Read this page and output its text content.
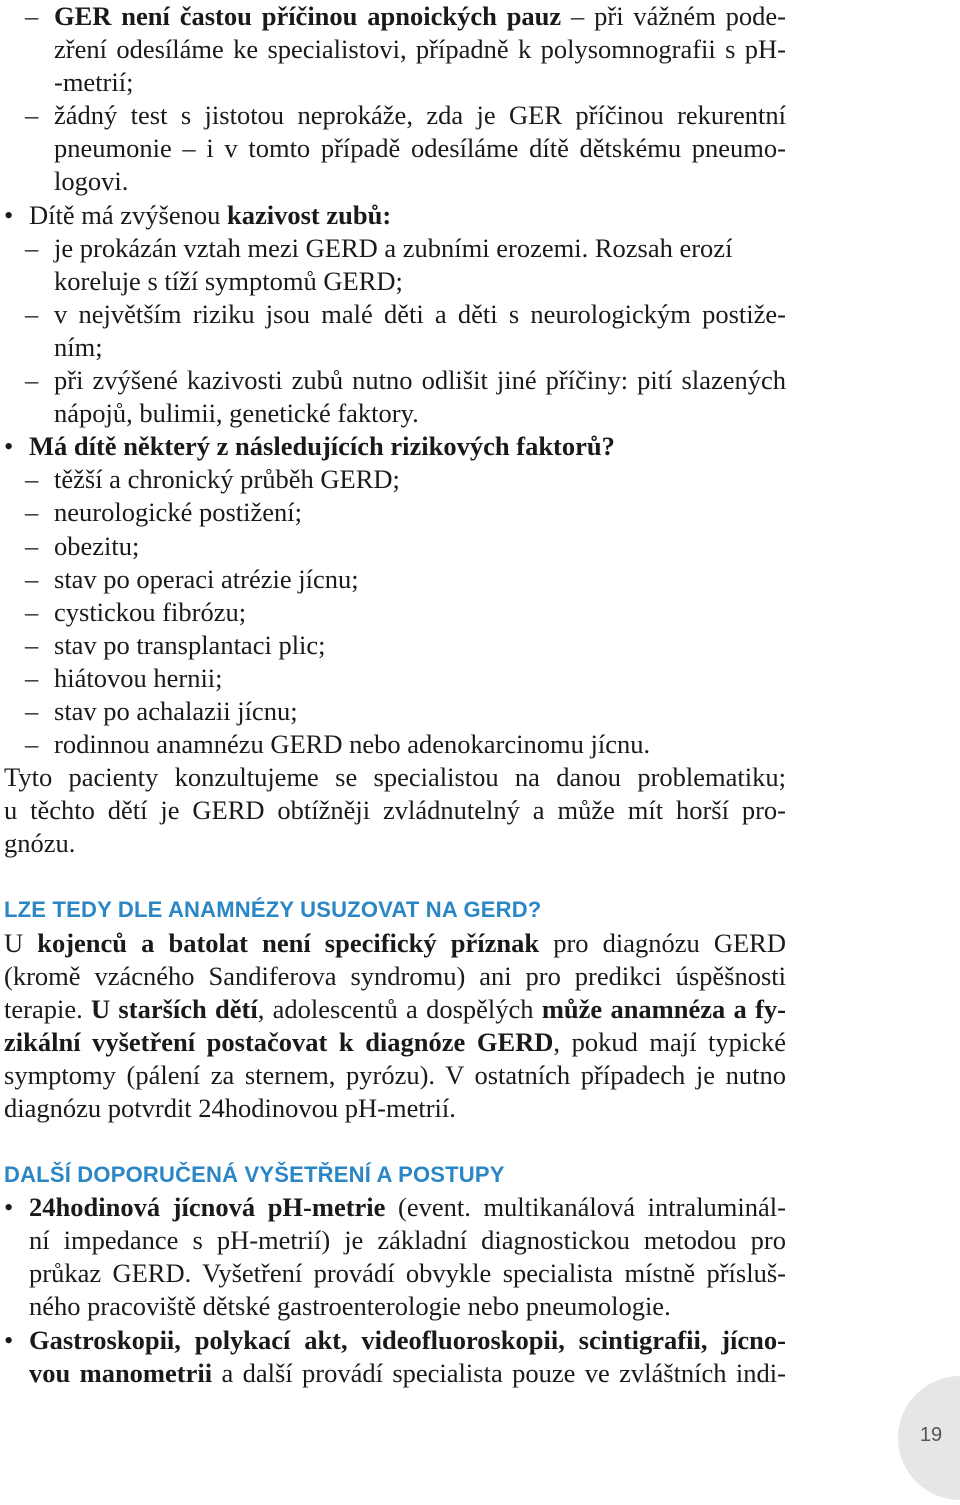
– GER není častou příčinou apnoických pauz – při vážném pode-
zření odesíláme ke specialistovi, případně k polysomnografii s pH-
-metrií;
– žádný test s jistotou neprokáže, zda je GER příčinou rekurentní
pneumonie – i v tomto případě odesíláme dítě dětskému pneumo-
logovi.
• Dítě má zvýšenou kazivost zubů:
– je prokázán vztah mezi GERD a zubními erozemi. Rozsah erozí
koreluje s tíží symptomů GERD;
– v největším riziku jsou malé děti a děti s neurologickým postiže-
ním;
– při zvýšené kazivosti zubů nutno odlišit jiné příčiny: pití slazených
nápojů, bulimii, genetické faktory.
• Má dítě některý z následujících rizikových faktorů?
– těžší a chronický průběh GERD;
– neurologické postižení;
– obezitu;
– stav po operaci atrézie jícnu;
– cystickou fibrózu;
– stav po transplantaci plic;
– hiátovou hernii;
– stav po achalazii jícnu;
– rodinnou anamnézu GERD nebo adenokarcinomu jícnu.
Tyto pacienty konzultujeme se specialistou na danou problematiku;
u těchto dětí je GERD obtížněji zvládnutelný a může mít horší pro-
gnózu.
LZE TEDY DLE ANAMNÉZY USUZOVAT NA GERD?
U kojenců a batolat není specifický příznak pro diagnózu GERD
(kromě vzácného Sandiferova syndromu) ani pro predikci úspěšnosti
terapie. U starších dětí, adolescentů a dospělých může anamnéza a fy-
zikální vyšetření postačovat k diagnóze GERD, pokud mají typické
symptomy (pálení za sternem, pyrózu). V ostatních případech je nutno
diagnózu potvrdit 24hodinovou pH-metrií.
DALŠÍ DOPORUČENÁ VYŠETŘENÍ A POSTUPY
• 24hodinová jícnová pH-metrie (event. multikanálová intraluminál-
ní impedance s pH-metrií) je základní diagnostickou metodou pro
průkaz GERD. Vyšetření provádí obvykle specialista místně přísluš-
ného pracoviště dětské gastroenterologie nebo pneumologie.
• Gastroskopii, polykací akt, videofluoroskopii, scintigrafii, jícno-
vou manometrii a další provádí specialista pouze ve zvláštních indi-
19
